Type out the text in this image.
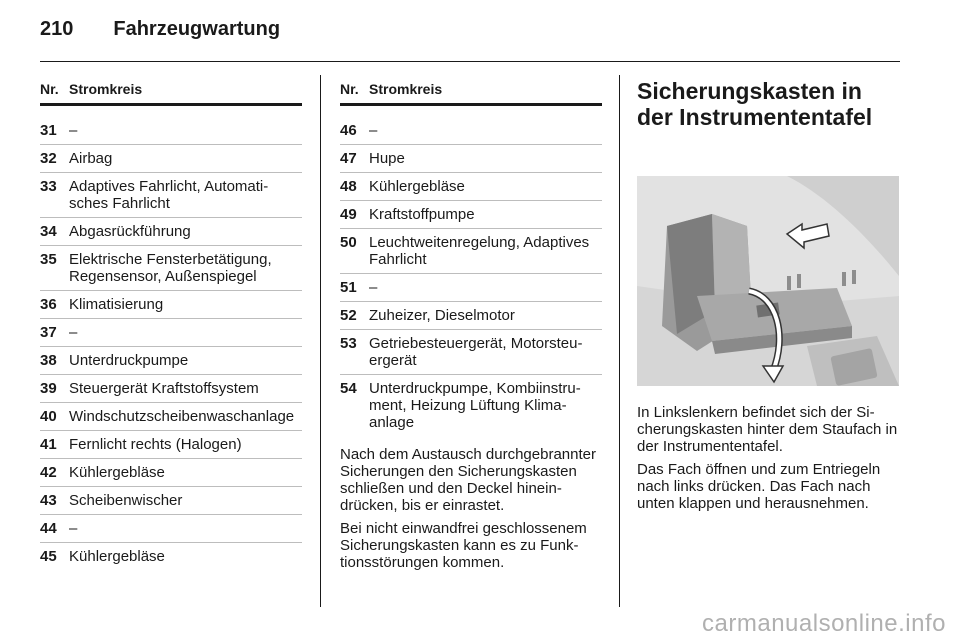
210 Fahrzeugwartung
Nr. Stromkreis
31 –
32 Airbag
33 Adaptives Fahrlicht, Automatisches Fahrlicht
34 Abgasrückführung
35 Elektrische Fensterbetätigung, Regensensor, Außenspiegel
36 Klimatisierung
37 –
38 Unterdruckpumpe
39 Steuergerät Kraftstoffsystem
40 Windschutzscheibenwaschanlage
41 Fernlicht rechts (Halogen)
42 Kühlergebläse
43 Scheibenwischer
44 –
45 Kühlergebläse
Nr. Stromkreis
46 –
47 Hupe
48 Kühlergebläse
49 Kraftstoffpumpe
50 Leuchtweitenregelung, Adaptives Fahrlicht
51 –
52 Zuheizer, Dieselmotor
53 Getriebesteuergerät, Motorsteuergerät
54 Unterdruckpumpe, Kombiinstrument, Heizung Lüftung Klimaanlage

Nach dem Austausch durchgebrannter Sicherungen den Sicherungskasten schließen und den Deckel hineindrücken, bis er einrastet.

Bei nicht einwandfrei geschlossenem Sicherungskasten kann es zu Funktionsstörungen kommen.

Sicherungskasten in der Instrumententafel

In Linkslenkern befindet sich der Sicherungskasten hinter dem Staufach in der Instrumententafel.

Das Fach öffnen und zum Entriegeln nach links drücken. Das Fach nach unten klappen und herausnehmen.

carmanualsonline.info
